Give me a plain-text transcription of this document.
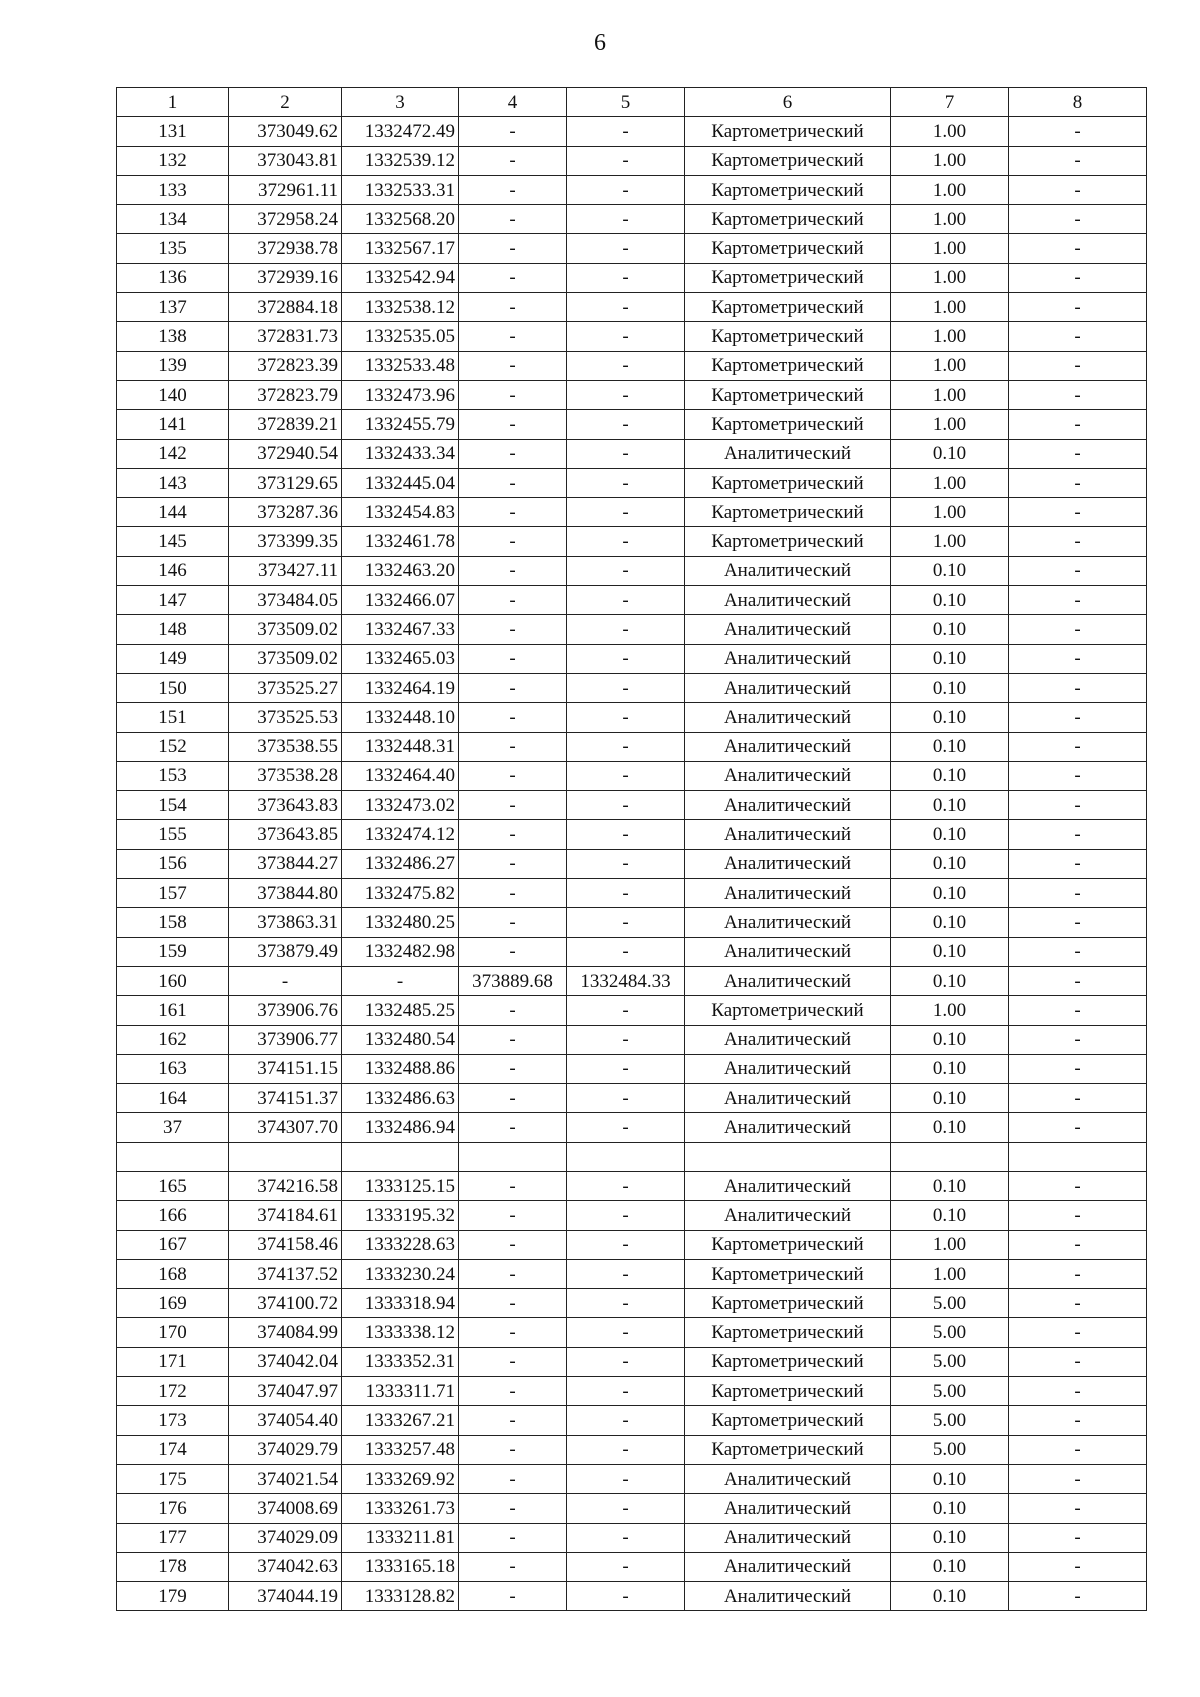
6
1	2	3	4	5	6	7	8
131	373049.62	1332472.49	-	-	Картометрический	1.00	-
132	373043.81	1332539.12	-	-	Картометрический	1.00	-
133	372961.11	1332533.31	-	-	Картометрический	1.00	-
134	372958.24	1332568.20	-	-	Картометрический	1.00	-
135	372938.78	1332567.17	-	-	Картометрический	1.00	-
136	372939.16	1332542.94	-	-	Картометрический	1.00	-
137	372884.18	1332538.12	-	-	Картометрический	1.00	-
138	372831.73	1332535.05	-	-	Картометрический	1.00	-
139	372823.39	1332533.48	-	-	Картометрический	1.00	-
140	372823.79	1332473.96	-	-	Картометрический	1.00	-
141	372839.21	1332455.79	-	-	Картометрический	1.00	-
142	372940.54	1332433.34	-	-	Аналитический	0.10	-
143	373129.65	1332445.04	-	-	Картометрический	1.00	-
144	373287.36	1332454.83	-	-	Картометрический	1.00	-
145	373399.35	1332461.78	-	-	Картометрический	1.00	-
146	373427.11	1332463.20	-	-	Аналитический	0.10	-
147	373484.05	1332466.07	-	-	Аналитический	0.10	-
148	373509.02	1332467.33	-	-	Аналитический	0.10	-
149	373509.02	1332465.03	-	-	Аналитический	0.10	-
150	373525.27	1332464.19	-	-	Аналитический	0.10	-
151	373525.53	1332448.10	-	-	Аналитический	0.10	-
152	373538.55	1332448.31	-	-	Аналитический	0.10	-
153	373538.28	1332464.40	-	-	Аналитический	0.10	-
154	373643.83	1332473.02	-	-	Аналитический	0.10	-
155	373643.85	1332474.12	-	-	Аналитический	0.10	-
156	373844.27	1332486.27	-	-	Аналитический	0.10	-
157	373844.80	1332475.82	-	-	Аналитический	0.10	-
158	373863.31	1332480.25	-	-	Аналитический	0.10	-
159	373879.49	1332482.98	-	-	Аналитический	0.10	-
160	-	-	373889.68	1332484.33	Аналитический	0.10	-
161	373906.76	1332485.25	-	-	Картометрический	1.00	-
162	373906.77	1332480.54	-	-	Аналитический	0.10	-
163	374151.15	1332488.86	-	-	Аналитический	0.10	-
164	374151.37	1332486.63	-	-	Аналитический	0.10	-
37	374307.70	1332486.94	-	-	Аналитический	0.10	-

165	374216.58	1333125.15	-	-	Аналитический	0.10	-
166	374184.61	1333195.32	-	-	Аналитический	0.10	-
167	374158.46	1333228.63	-	-	Картометрический	1.00	-
168	374137.52	1333230.24	-	-	Картометрический	1.00	-
169	374100.72	1333318.94	-	-	Картометрический	5.00	-
170	374084.99	1333338.12	-	-	Картометрический	5.00	-
171	374042.04	1333352.31	-	-	Картометрический	5.00	-
172	374047.97	1333311.71	-	-	Картометрический	5.00	-
173	374054.40	1333267.21	-	-	Картометрический	5.00	-
174	374029.79	1333257.48	-	-	Картометрический	5.00	-
175	374021.54	1333269.92	-	-	Аналитический	0.10	-
176	374008.69	1333261.73	-	-	Аналитический	0.10	-
177	374029.09	1333211.81	-	-	Аналитический	0.10	-
178	374042.63	1333165.18	-	-	Аналитический	0.10	-
179	374044.19	1333128.82	-	-	Аналитический	0.10	-
